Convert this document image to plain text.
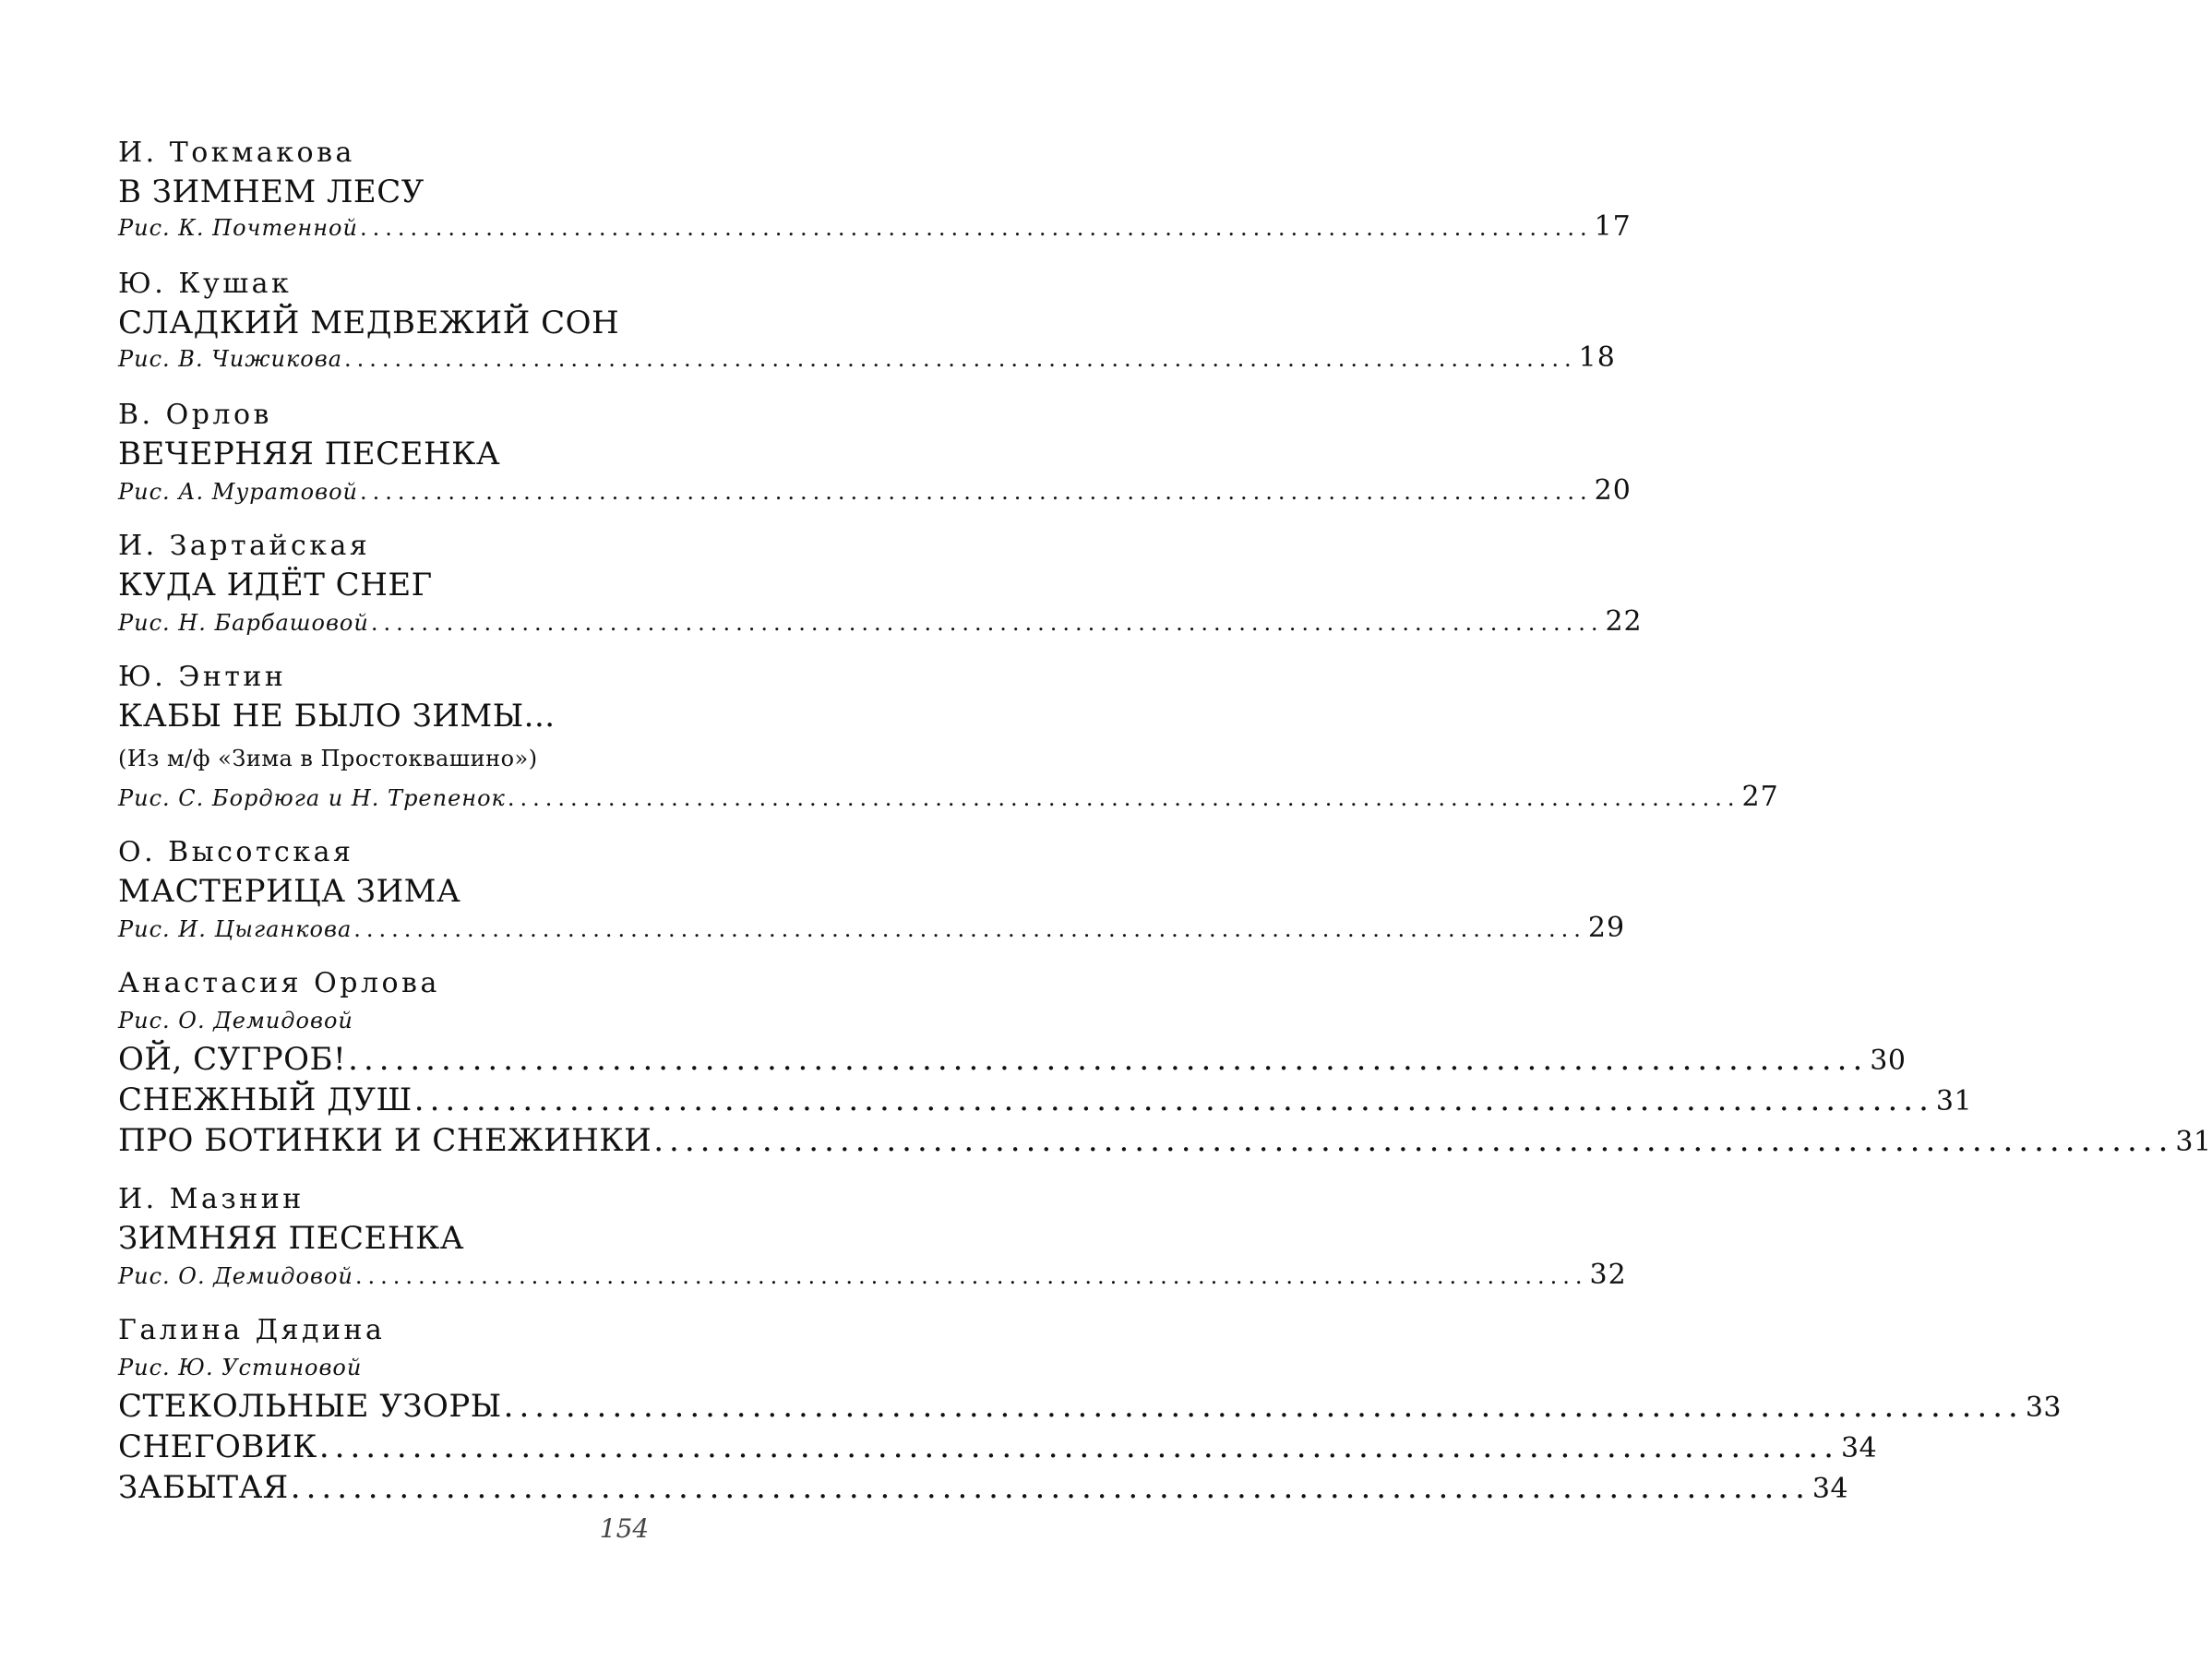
И. Токмакова
В ЗИМНЕМ ЛЕСУ
Рис. К. Почтенной .................................................................................................. 17
Ю. Кушак
СЛАДКИЙ МЕДВЕЖИЙ СОН
Рис. В. Чижикова .................................................................................................. 18
В. Орлов
ВЕЧЕРНЯЯ ПЕСЕНКА
Рис. А. Муратовой .................................................................................................. 20
И. Зартайская
КУДА ИДЁТ СНЕГ
Рис. Н. Барбашовой .................................................................................................. 22
Ю. Энтин
КАБЫ НЕ БЫЛО ЗИМЫ...
(Из м/ф «Зима в Простоквашино»)
Рис. С. Бордюга и Н. Трепенок .................................................................................................. 27
О. Высотская
МАСТЕРИЦА ЗИМА
Рис. И. Цыганкова .................................................................................................. 29
Анастасия Орлова
Рис. О. Демидовой
ОЙ, СУГРОБ! .................................................................................................. 30
СНЕЖНЫЙ ДУШ .................................................................................................. 31
ПРО БОТИНКИ И СНЕЖИНКИ .................................................................................................. 31
И. Мазнин
ЗИМНЯЯ ПЕСЕНКА
Рис. О. Демидовой .................................................................................................. 32
Галина Дядина
Рис. Ю. Устиновой
СТЕКОЛЬНЫЕ УЗОРЫ .................................................................................................. 33
СНЕГОВИК .................................................................................................. 34
ЗАБЫТАЯ .................................................................................................. 34
154
